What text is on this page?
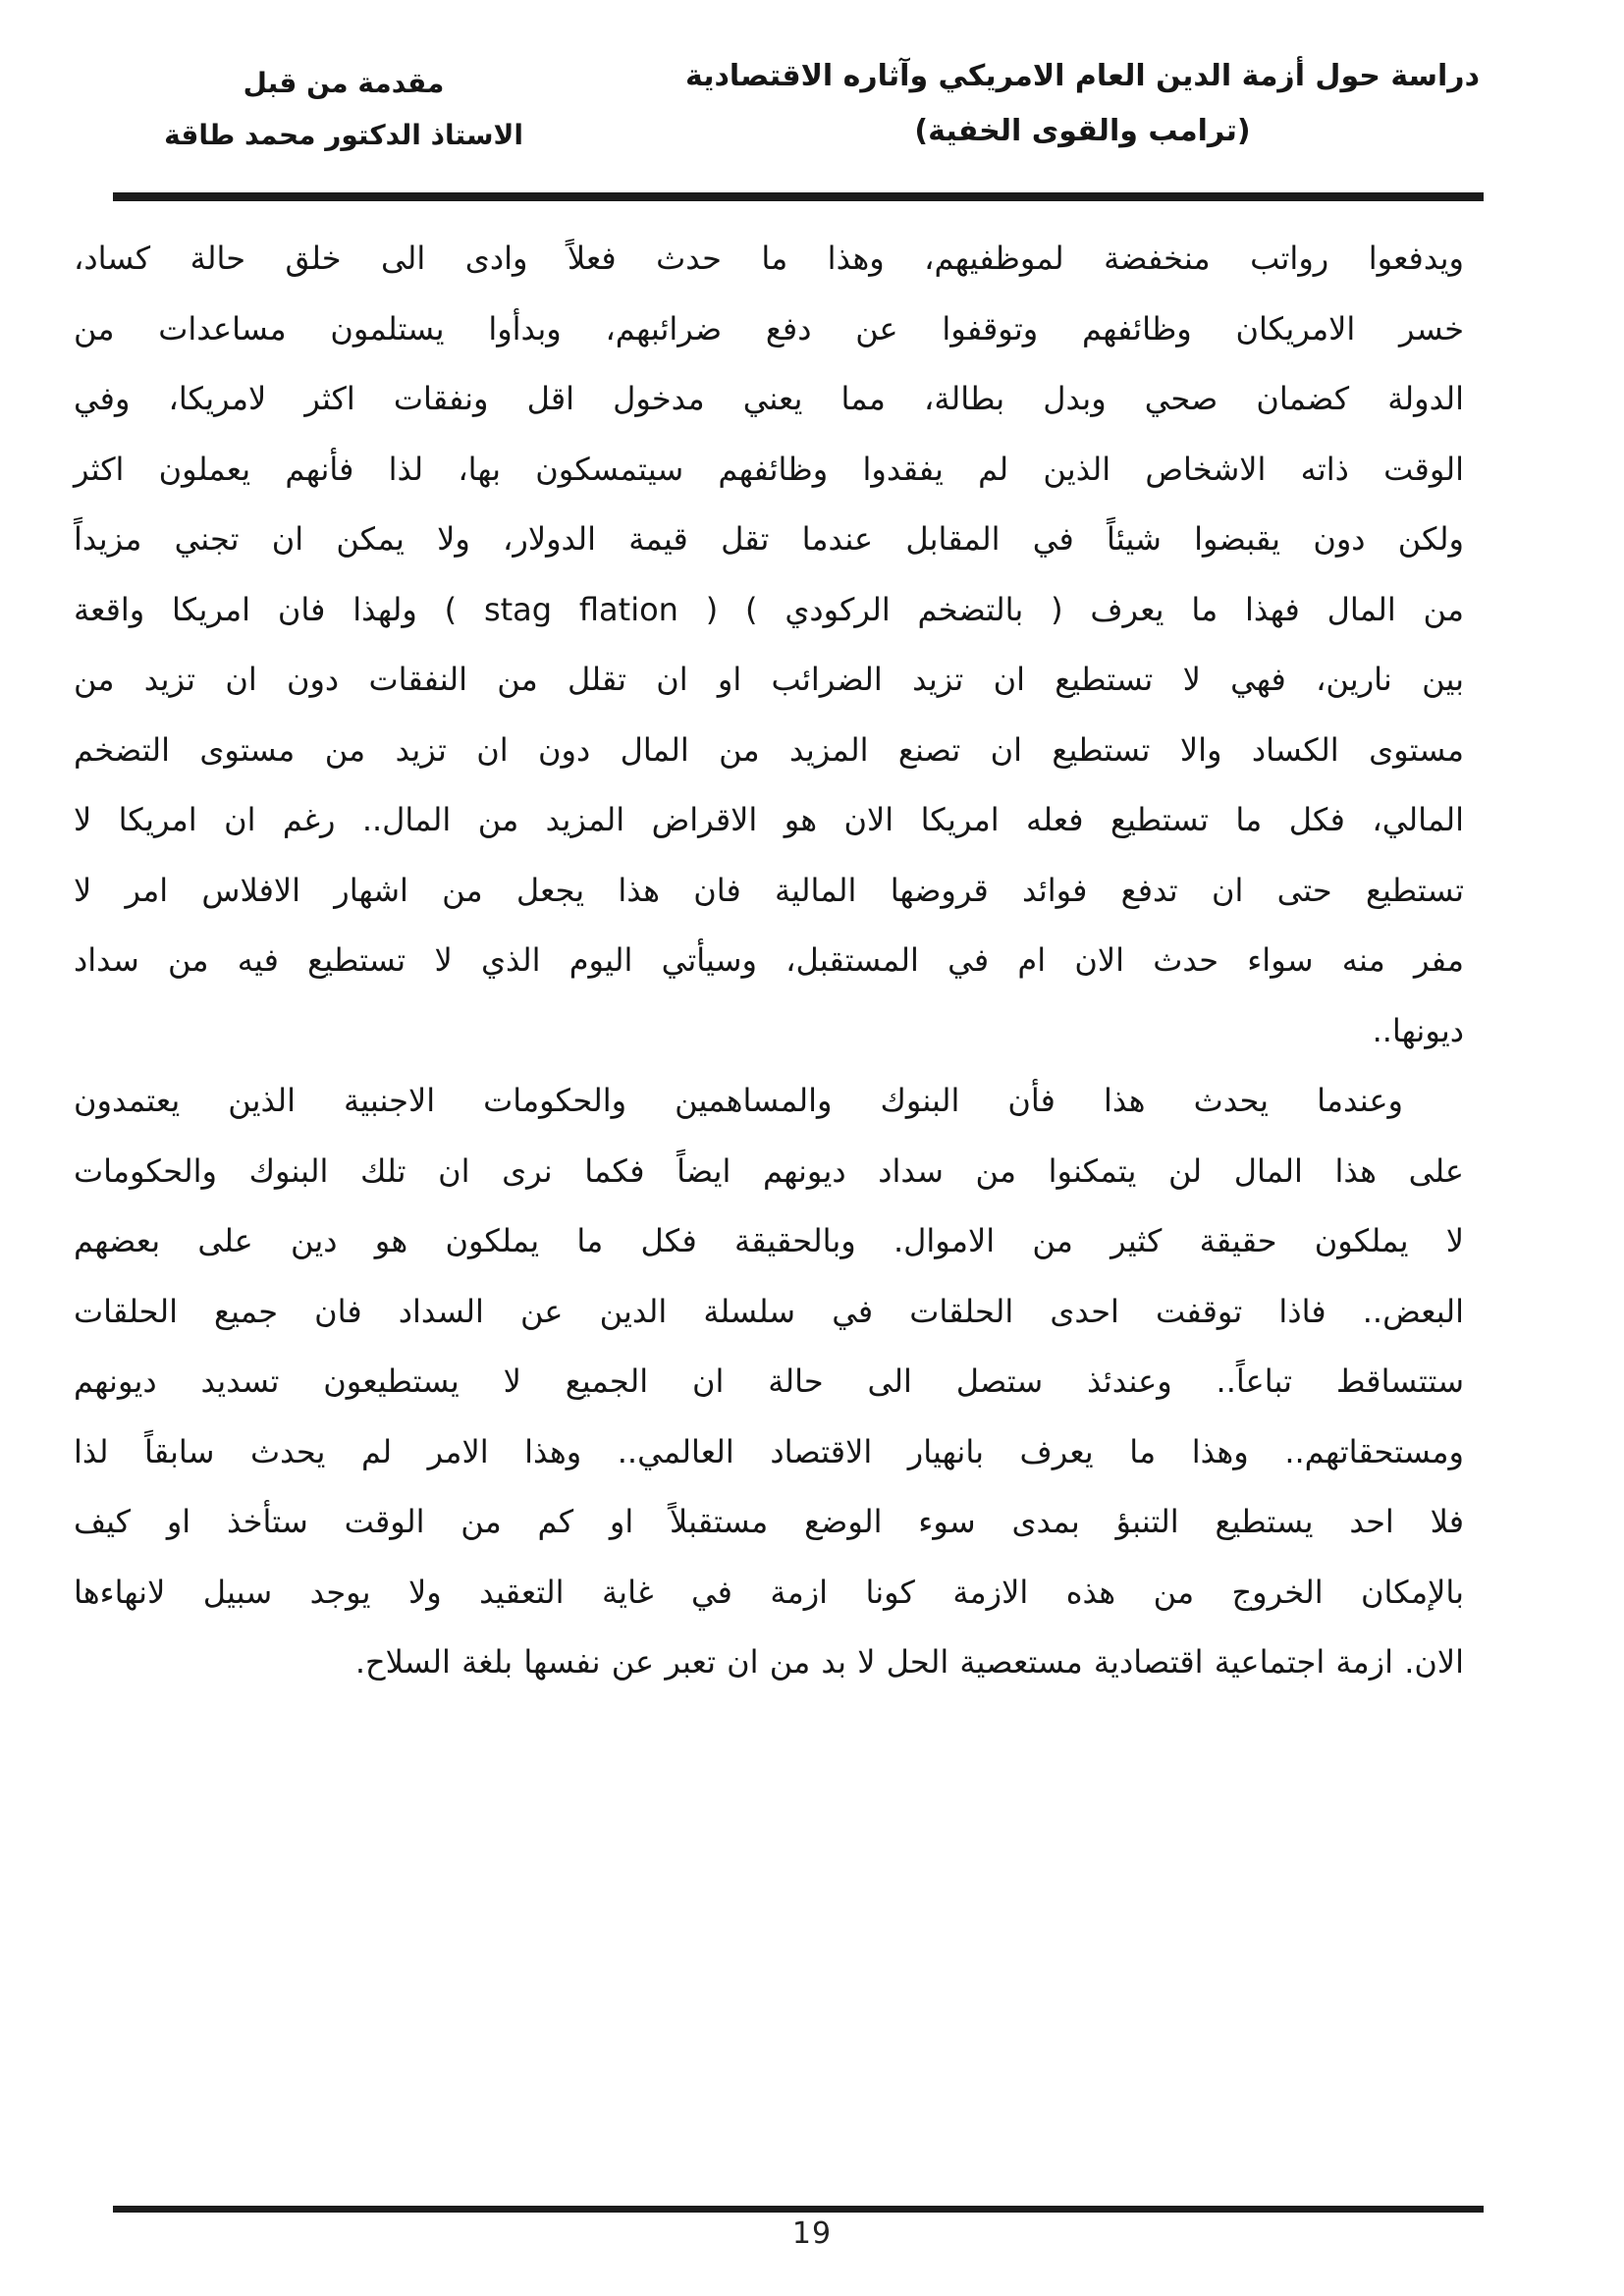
دراسة حول أزمة الدين العام الامريكي وآثاره الاقتصادية
(ترامب والقوى الخفية)
مقدمة من قبل
الاستاذ الدكتور محمد طاقة
ويدفعوا رواتب منخفضة لموظفيهم، وهذا ما حدث فعلاً وادى الى خلق حالة كساد،
خسر الامريكان وظائفهم وتوقفوا عن دفع ضرائبهم، وبدأوا يستلمون مساعدات من
الدولة كضمان صحي وبدل بطالة، مما يعني مدخول اقل ونفقات اكثر لامريكا، وفي
الوقت ذاته الاشخاص الذين لم يفقدوا وظائفهم سيتمسكون بها، لذا فأنهم يعملون اكثر
ولكن دون يقبضوا شيئاً في المقابل عندما تقل قيمة الدولار، ولا يمكن ان تجني مزيداً
من المال فهذا ما يعرف ( بالتضخم الركودي ) ( stag flation ) ولهذا فان امريكا واقعة
بين نارين، فهي لا تستطيع ان تزيد الضرائب او ان تقلل من النفقات دون ان تزيد من
مستوى الكساد والا تستطيع ان تصنع المزيد من المال دون ان تزيد من مستوى التضخم
المالي، فكل ما تستطيع فعله امريكا الان هو الاقراض المزيد من المال.. رغم ان امريكا لا
تستطيع حتى ان تدفع فوائد قروضها المالية فان هذا يجعل من اشهار الافلاس امر لا
مفر منه سواء حدث الان ام في المستقبل، وسيأتي اليوم الذي لا تستطيع فيه من سداد
ديونها..
وعندما يحدث هذا فأن البنوك والمساهمين والحكومات الاجنبية الذين يعتمدون
على هذا المال لن يتمكنوا من سداد ديونهم ايضاً فكما نرى ان تلك البنوك والحكومات
لا يملكون حقيقة كثير من الاموال. وبالحقيقة فكل ما يملكون هو دين على بعضهم
البعض.. فاذا توقفت احدى الحلقات في سلسلة الدين عن السداد فان جميع الحلقات
ستتساقط تباعاً.. وعندئذ ستصل الى حالة ان الجميع لا يستطيعون تسديد ديونهم
ومستحقاتهم.. وهذا ما يعرف بانهيار الاقتصاد العالمي.. وهذا الامر لم يحدث سابقاً لذا
فلا احد يستطيع التنبؤ بمدى سوء الوضع مستقبلاً او كم من الوقت ستأخذ او كيف
بالإمكان الخروج من هذه الازمة كونا ازمة في غاية التعقيد ولا يوجد سبيل لانهاءها
الان. ازمة اجتماعية اقتصادية مستعصية الحل لا بد من ان تعبر عن نفسها بلغة السلاح.
19
